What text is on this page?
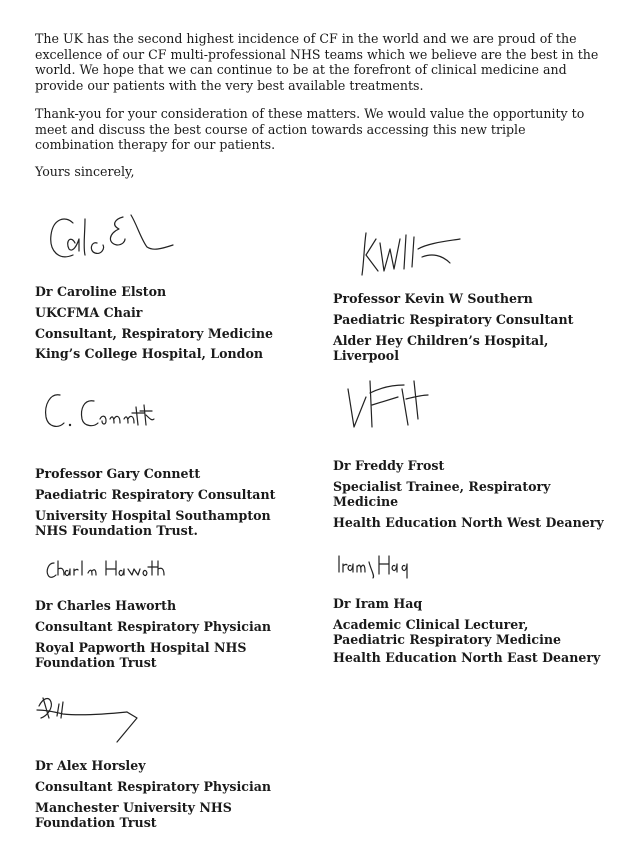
The UK has the second highest incidence of CF in the world and we are proud of the excellence of our CF multi-professional NHS teams which we believe are the best in the world. We hope that we can continue to be at the forefront of clinical medicine and provide our patients with the very best available treatments.

Thank-you for your consideration of these matters. We would value the opportunity to meet and discuss the best course of action towards accessing this new triple combination therapy for our patients.

Yours sincerely,

Dr Caroline Elston
UKCFMA Chair
Consultant, Respiratory Medicine
King’s College Hospital, London
Professor Kevin W Southern
Paediatric Respiratory Consultant
Alder Hey Children’s Hospital, Liverpool
Professor Gary Connett
Paediatric Respiratory Consultant
University Hospital Southampton NHS Foundation Trust.
Dr Freddy Frost
Specialist Trainee, Respiratory Medicine
Health Education North West Deanery
Dr Charles Haworth
Consultant Respiratory Physician
Royal Papworth Hospital NHS Foundation Trust
Dr Iram Haq
Academic Clinical Lecturer, Paediatric Respiratory Medicine
Health Education North East Deanery
Dr Alex Horsley
Consultant Respiratory Physician
Manchester University NHS Foundation Trust
